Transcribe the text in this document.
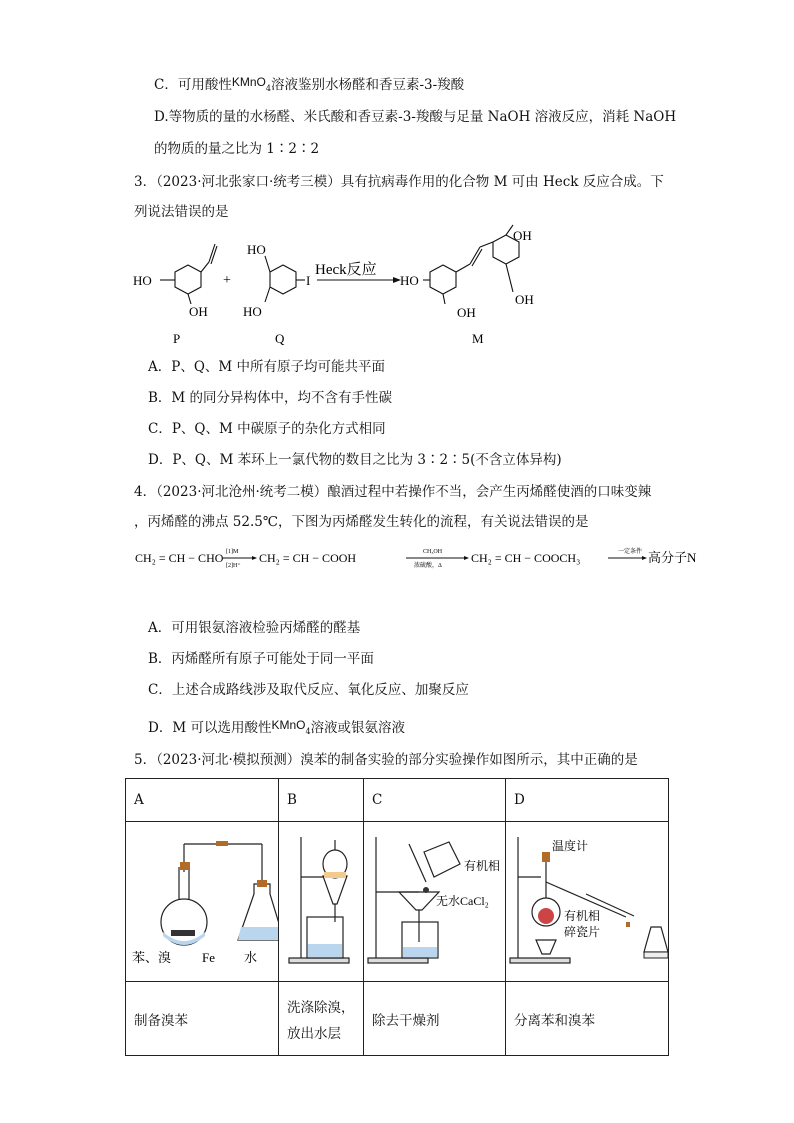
C．可用酸性KMnO$_4$溶液鉴别水杨醛和香豆素-3-羧酸
D.等物质的量的水杨醛、米氏酸和香豆素-3-羧酸与足量 NaOH 溶液反应，消耗 NaOH
的物质的量之比为 1∶2∶2
3．（2023·河北张家口·统考三模）具有抗病毒作用的化合物 M 可由 Heck 反应合成。下
列说法错误的是
HO
OH
+
HO
HO
I
Heck反应
HO
OH
OH
OH
P	Q	M
A．P、Q、M 中所有原子均可能共平面
B．M 的同分异构体中，均不含有手性碳
C．P、Q、M 中碳原子的杂化方式相同
D．P、Q、M 苯环上一氯代物的数目之比为 3∶2∶5(不含立体异构)
4．（2023·河北沧州·统考二模）酿酒过程中若操作不当，会产生丙烯醛使酒的口味变辣
，丙烯醛的沸点 52.5℃，下图为丙烯醛发生转化的流程，有关说法错误的是
CH₂ = CH − CHO [1]M
[2]H⁺
CH₂ = CH − COOH	CH₃OH
浓硫酸，Δ
CH₂ = CH − COOCH₃	一定条件 高分子N
A．可用银氨溶液检验丙烯醛的醛基
B．丙烯醛所有原子可能处于同一平面
C．上述合成路线涉及取代反应、氧化反应、加聚反应
D．M 可以选用酸性KMnO$_4$溶液或银氨溶液
5．（2023·河北·模拟预测）溴苯的制备实验的部分实验操作如图所示，其中正确的是
A	B	C	D

苯、溴 Fe 水		有机相
无水CaCl₂	温度计
有机相
碎瓷片

制备溴苯	洗涤除溴，
放出水层	除去干燥剂	分离苯和溴苯
